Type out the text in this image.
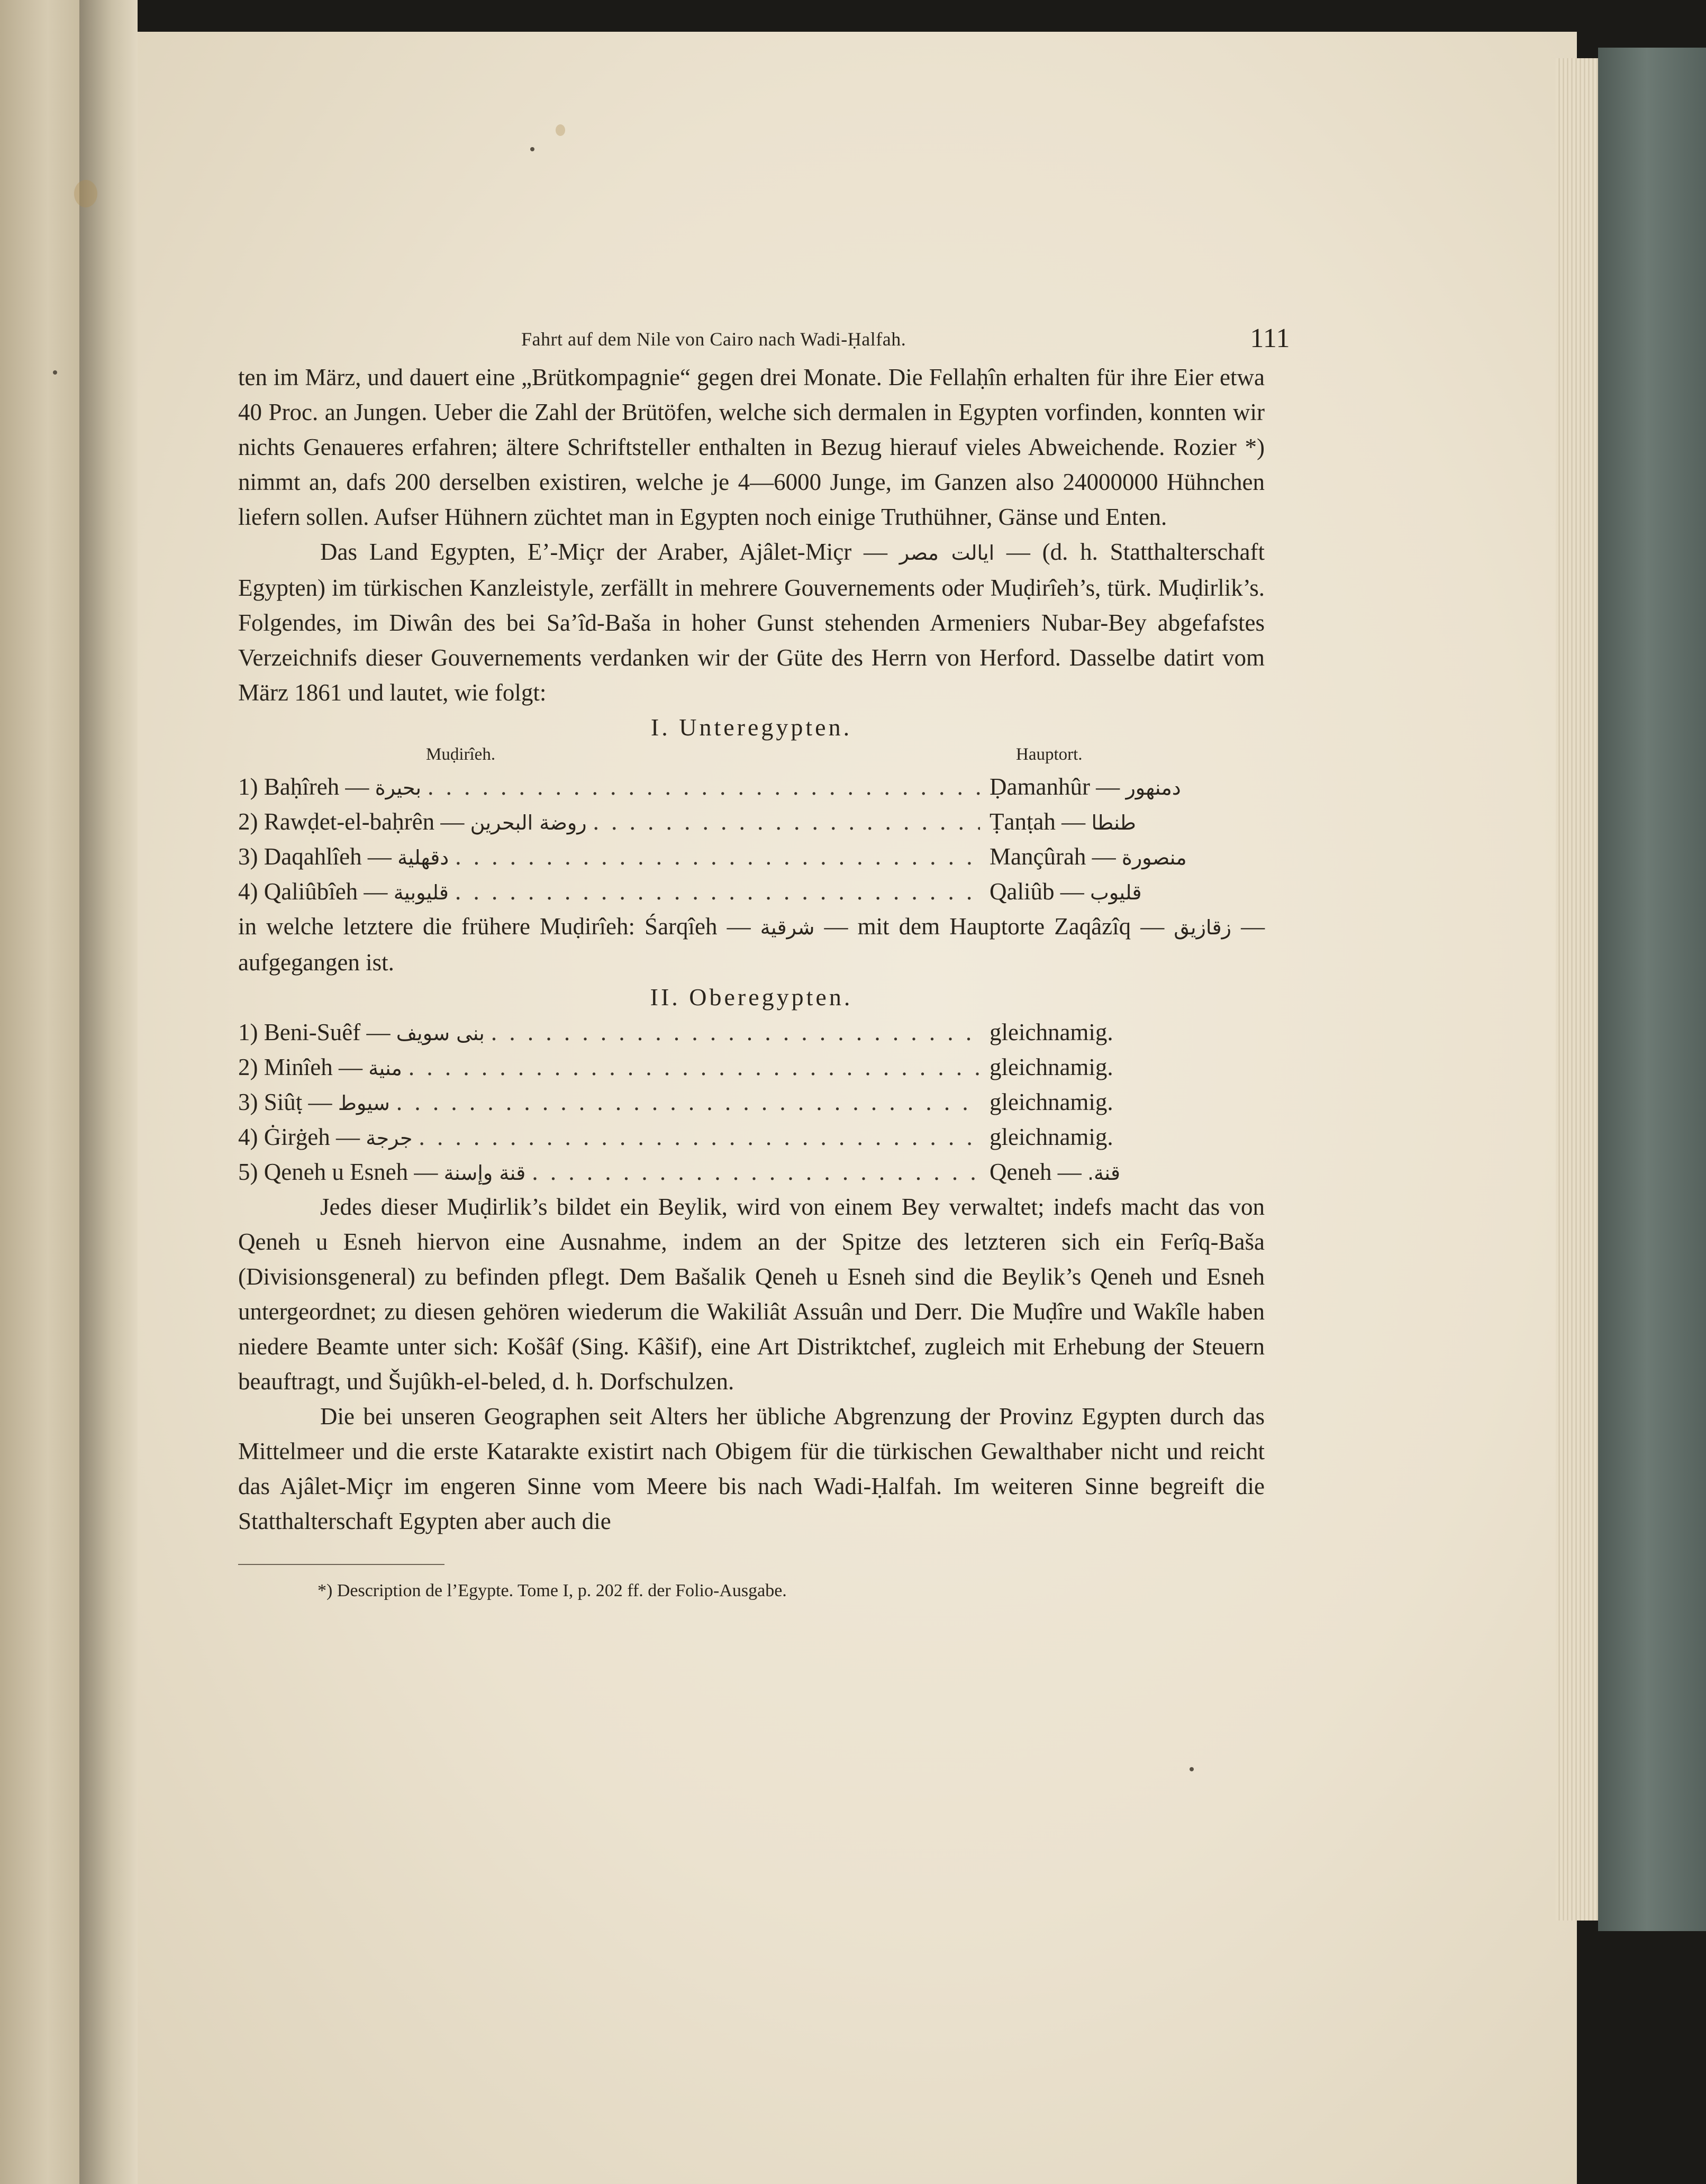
Fahrt auf dem Nile von Cairo nach Wadi-Ḥalfah.	111

ten im März, und dauert eine „Brütkompagnie“ gegen drei Monate. Die Fellaḥîn erhalten für ihre Eier etwa 40 Proc. an Jungen. Ueber die Zahl der Brütöfen, welche sich dermalen in Egypten vorfinden, konnten wir nichts Genaueres erfahren; ältere Schriftsteller enthalten in Bezug hierauf vieles Abweichende. Rozier *) nimmt an, dafs 200 derselben existiren, welche je 4—6000 Junge, im Ganzen also 24000000 Hühnchen liefern sollen. Aufser Hühnern züchtet man in Egypten noch einige Truthühner, Gänse und Enten.

Das Land Egypten, E’-Miçr der Araber, Ajâlet-Miçr — ايالت مصر — (d. h. Statthalterschaft Egypten) im türkischen Kanzleistyle, zerfällt in mehrere Gouvernements oder Muḍirîeh’s, türk. Muḍirlik’s. Folgendes, im Diwân des bei Sa’îd-Baša in hoher Gunst stehenden Armeniers Nubar-Bey abgefafstes Verzeichnifs dieser Gouvernements verdanken wir der Güte des Herrn von Herford. Dasselbe datirt vom März 1861 und lautet, wie folgt:

I. Unteregypten.
Muḍirîeh.	Hauptort.
1) Baḥîreh — بحيرة . . .	Ḍamanhûr — دمنهور
2) Rawḍet-el-baḥrên — روضة البحرين . . .	Ṭanṭah — طنطا
3) Daqahlîeh — دقهلية . . .	Mançûrah — منصورة
4) Qaliûbîeh — قليوبية . . .	Qaliûb — قليوب

in welche letztere die frühere Muḍirîeh: Śarqîeh — شرقية — mit dem Hauptorte Zaqâzîq — زقازيق — aufgegangen ist.

II. Oberegypten.
1) Beni-Suêf — بنى سويف . . .	gleichnamig.
2) Minîeh — منية . . .	gleichnamig.
3) Siûṭ — سيوط . . .	gleichnamig.
4) Ġirġeh — جرجة . . .	gleichnamig.
5) Qeneh u Esneh — قنة وإسنة . . .	Qeneh — قنة.

Jedes dieser Muḍirlik’s bildet ein Beylik, wird von einem Bey verwaltet; indefs macht das von Qeneh u Esneh hiervon eine Ausnahme, indem an der Spitze des letzteren sich ein Ferîq-Baša (Divisionsgeneral) zu befinden pflegt. Dem Bašalik Qeneh u Esneh sind die Beylik’s Qeneh und Esneh untergeordnet; zu diesen gehören wiederum die Wakiliât Assuân und Derr. Die Muḍîre und Wakîle haben niedere Beamte unter sich: Košâf (Sing. Kâšif), eine Art Distriktchef, zugleich mit Erhebung der Steuern beauftragt, und Šujûkh-el-beled, d. h. Dorfschulzen.

Die bei unseren Geographen seit Alters her übliche Abgrenzung der Provinz Egypten durch das Mittelmeer und die erste Katarakte existirt nach Obigem für die türkischen Gewalthaber nicht und reicht das Ajâlet-Miçr im engeren Sinne vom Meere bis nach Wadi-Ḥalfah. Im weiteren Sinne begreift die Statthalterschaft Egypten aber auch die

*) Description de l’Egypte. Tome I, p. 202 ff. der Folio-Ausgabe.
